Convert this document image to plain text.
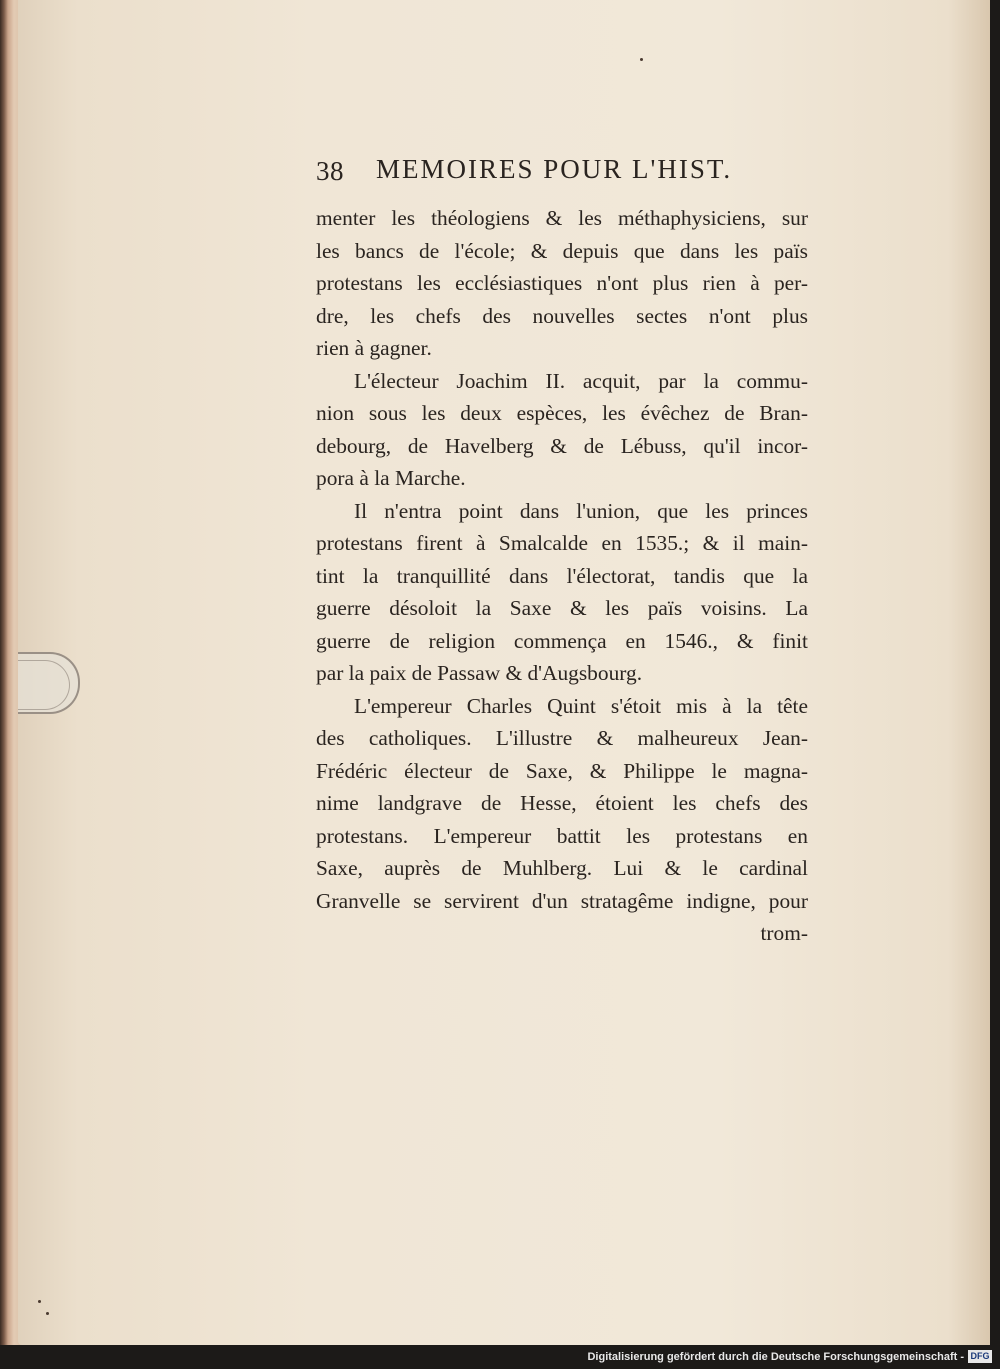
38 MEMOIRES POUR L'HIST.
menter les théologiens & les méthaphysiciens, sur
les bancs de l'école; & depuis que dans les païs
protestans les ecclésiastiques n'ont plus rien à per-
dre, les chefs des nouvelles sectes n'ont plus
rien à gagner.
L'électeur Joachim II. acquit, par la commu-
nion sous les deux espèces, les évêchez de Bran-
debourg, de Havelberg & de Lébuss, qu'il incor-
pora à la Marche.
Il n'entra point dans l'union, que les princes
protestans firent à Smalcalde en 1535.; & il main-
tint la tranquillité dans l'électorat, tandis que la
guerre désoloit la Saxe & les païs voisins. La
guerre de religion commença en 1546., & finit
par la paix de Passaw & d'Augsbourg.
L'empereur Charles Quint s'étoit mis à la tête
des catholiques. L'illustre & malheureux Jean-
Frédéric électeur de Saxe, & Philippe le magna-
nime landgrave de Hesse, étoient les chefs des
protestans. L'empereur battit les protestans en
Saxe, auprès de Muhlberg. Lui & le cardinal
Granvelle se servirent d'un stratagême indigne, pour
trom-
Digitalisierung gefördert durch die Deutsche Forschungsgemeinschaft - DFG
